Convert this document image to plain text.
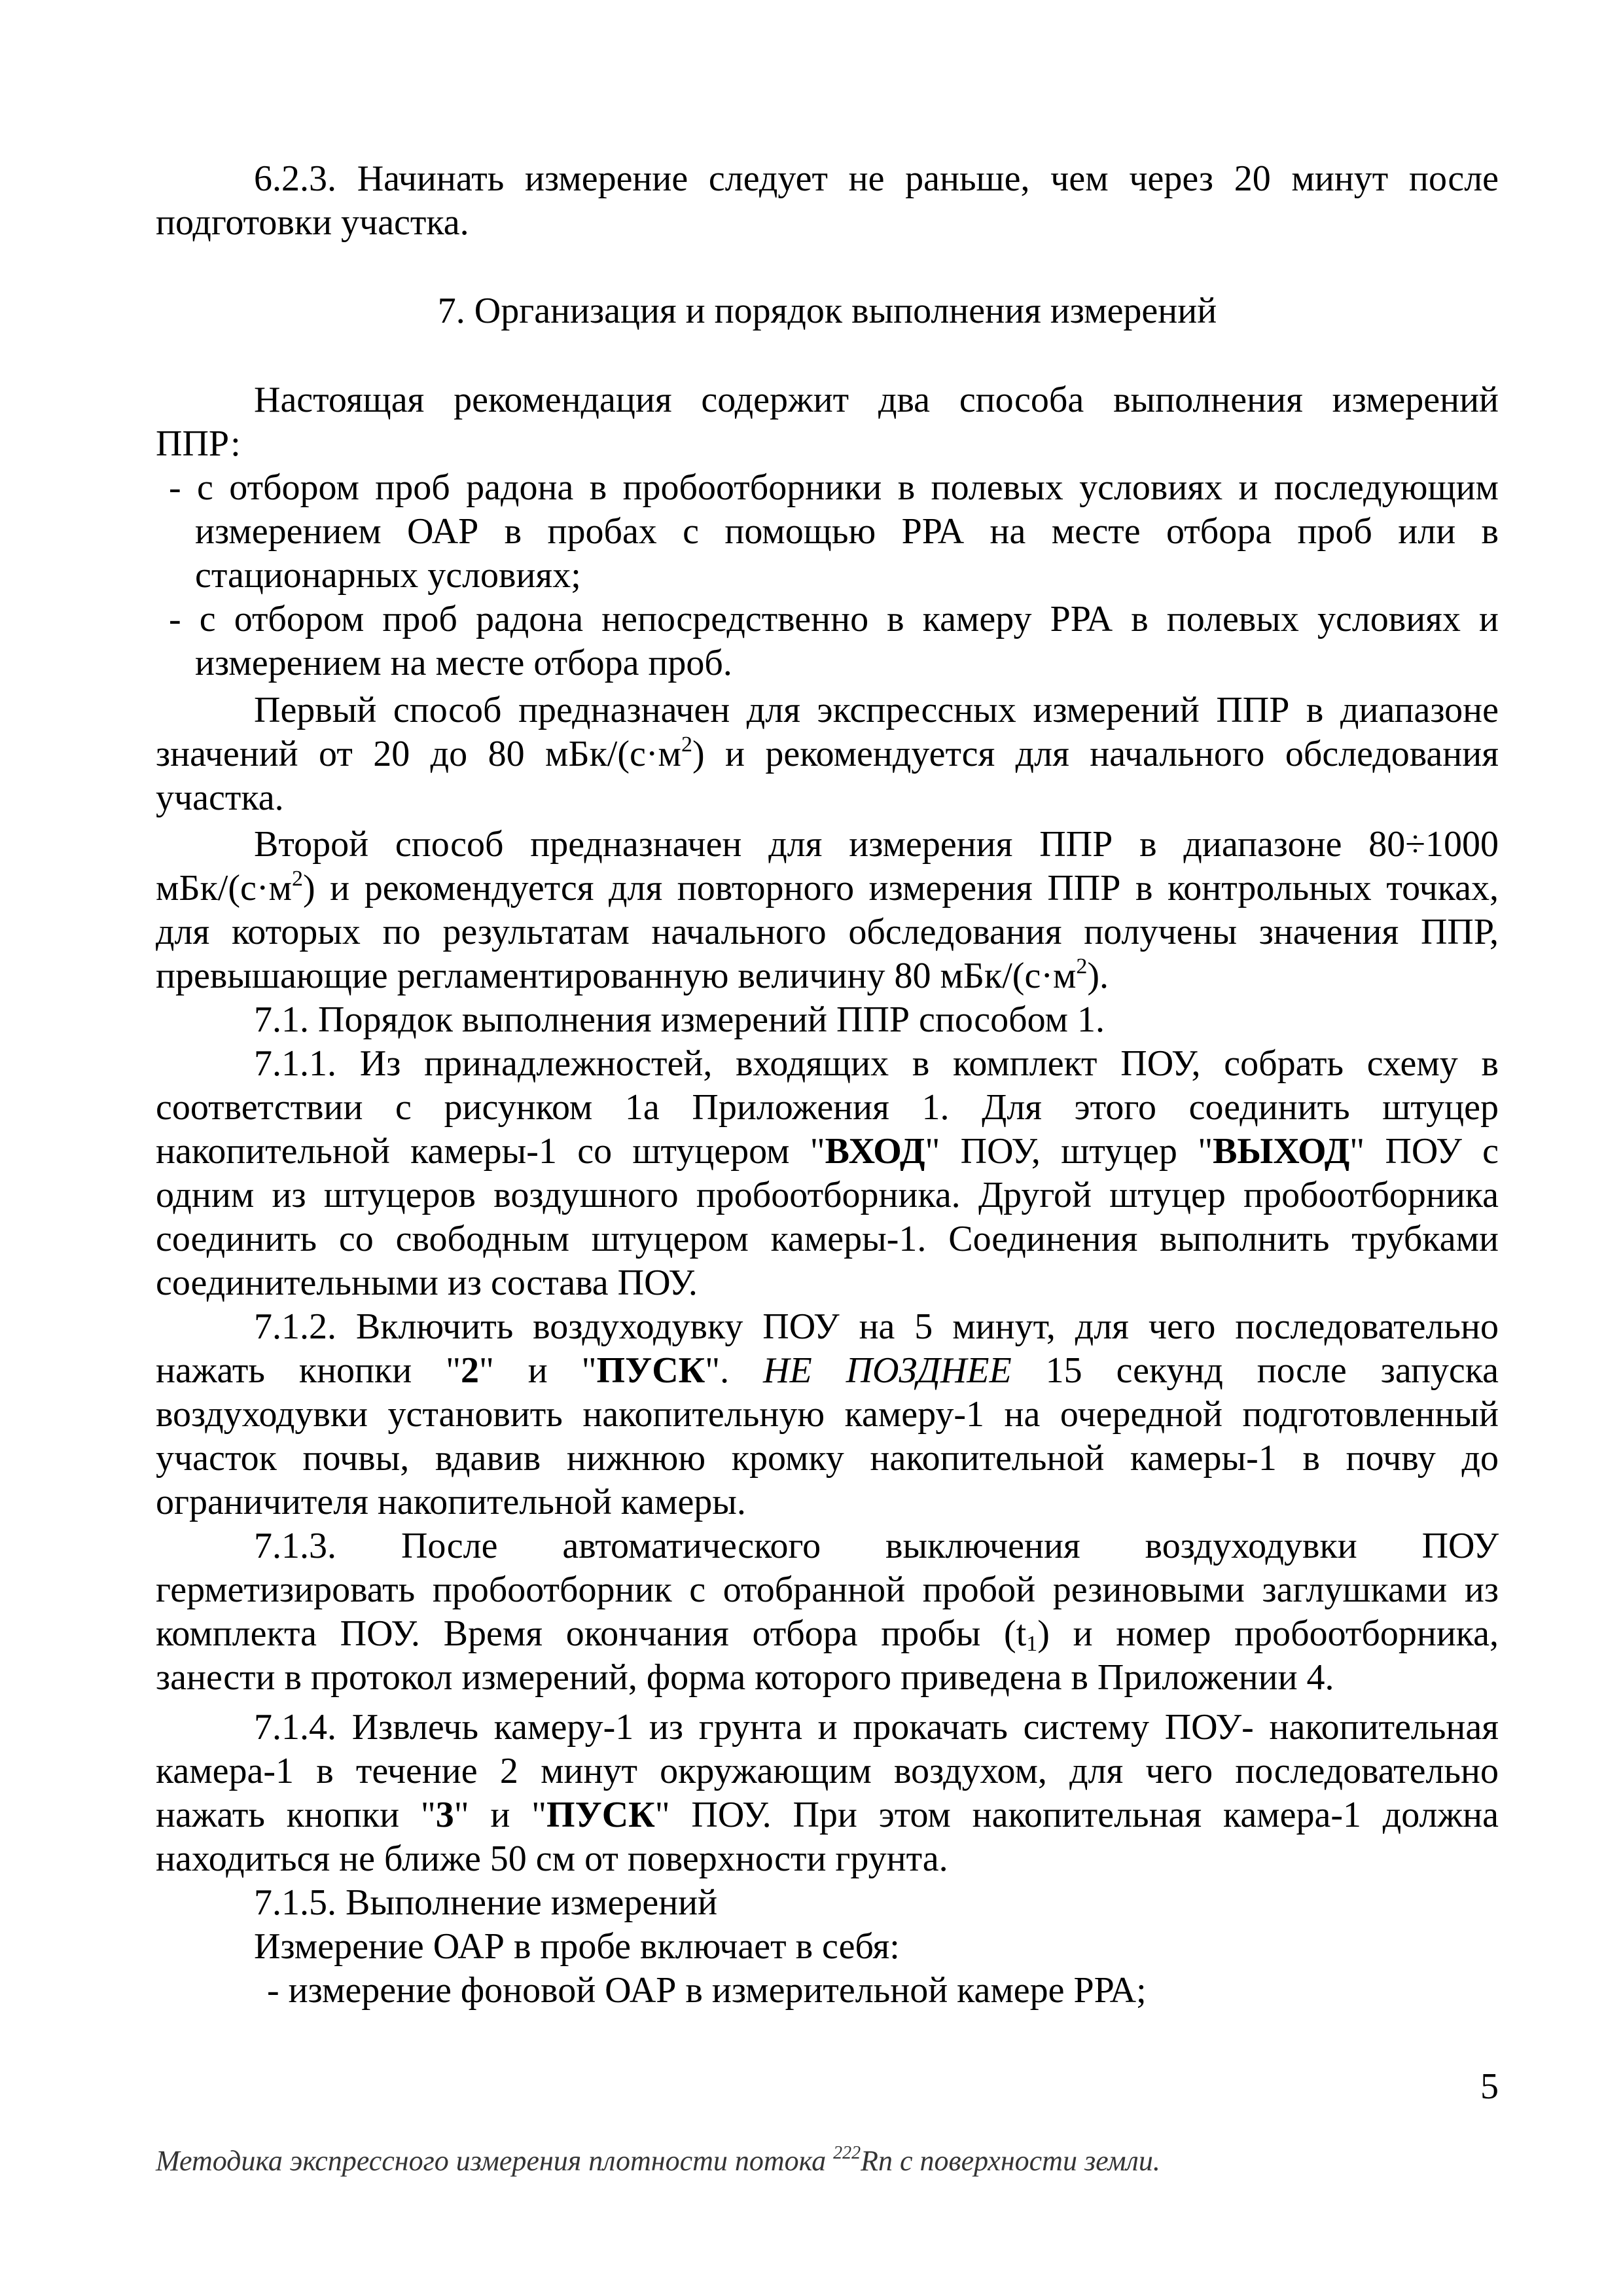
6.2.3. Начинать измерение следует не раньше, чем через 20 минут после
подготовки участка.
7. Организация и порядок выполнения измерений
Настоящая рекомендация содержит два способа выполнения измерений
ППР:
- с отбором проб радона в пробоотборники в полевых условиях и последующим
измерением ОАР в пробах с помощью РРА на месте отбора проб или в
стационарных условиях;
- с отбором проб радона непосредственно в камеру РРА в полевых условиях и
измерением на месте отбора проб.
Первый способ предназначен для экспрессных измерений ППР в диапазоне
значений от 20 до 80 мБк/$(с\cdot м^2)$ и рекомендуется для начального обследования
участка.
Второй способ предназначен для измерения ППР в диапазоне 80÷1000
мБк/$(с\cdot м^2)$ и рекомендуется для повторного измерения ППР в контрольных точках,
для которых по результатам начального обследования получены значения ППР,
превышающие регламентированную величину 80 мБк/$(с\cdot м^2)$.
7.1. Порядок выполнения измерений ППР способом 1.
7.1.1. Из принадлежностей, входящих в комплект ПОУ, собрать схему в
соответствии с рисунком 1а Приложения 1. Для этого соединить штуцер
накопительной камеры-1 со штуцером "ВХОД" ПОУ, штуцер "ВЫХОД" ПОУ с
одним из штуцеров воздушного пробоотборника. Другой штуцер пробоотборника
соединить со свободным штуцером камеры-1. Соединения выполнить трубками
соединительными из состава ПОУ.
7.1.2. Включить воздуходувку ПОУ на 5 минут, для чего последовательно
нажать кнопки "2" и "ПУСК". НЕ ПОЗДНЕЕ 15 секунд после запуска
воздуходувки установить накопительную камеру-1 на очередной подготовленный
участок почвы, вдавив нижнюю кромку накопительной камеры-1 в почву до
ограничителя накопительной камеры.
7.1.3. После автоматического выключения воздуходувки ПОУ
герметизировать пробоотборник с отобранной пробой резиновыми заглушками из
комплекта ПОУ. Время окончания отбора пробы $(t_1)$ и номер пробоотборника,
занести в протокол измерений, форма которого приведена в Приложении 4.
7.1.4. Извлечь камеру-1 из грунта и прокачать систему ПОУ- накопительная
камера-1 в течение 2 минут окружающим воздухом, для чего последовательно
нажать кнопки "3" и "ПУСК" ПОУ. При этом накопительная камера-1 должна
находиться не ближе 50 см от поверхности грунта.
7.1.5. Выполнение измерений
Измерение ОАР в пробе включает в себя:
- измерение фоновой ОАР в измерительной камере РРА;
5
Методика экспрессного измерения плотности потока $^{222}$Rn с поверхности земли.
